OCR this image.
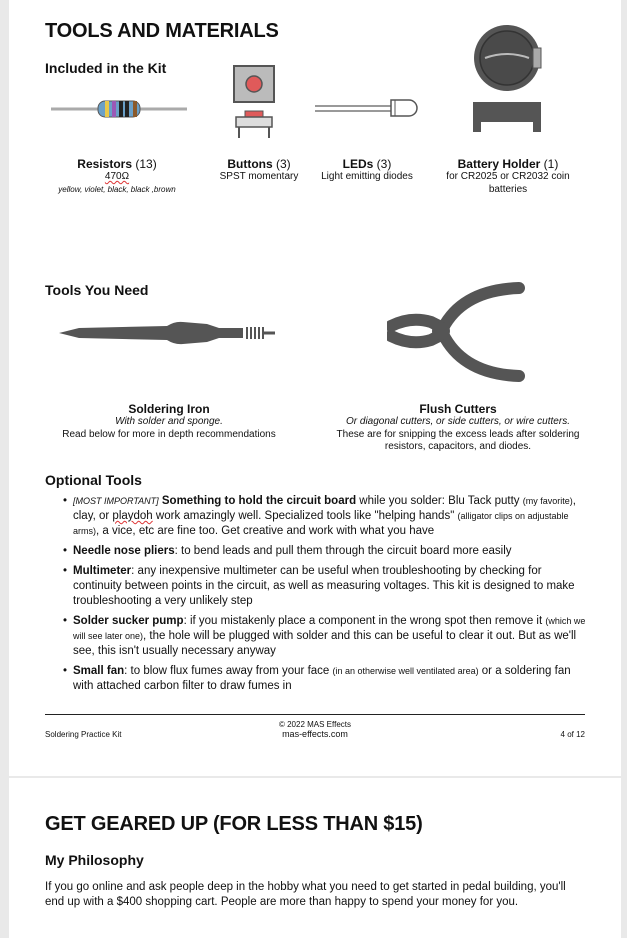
TOOLS AND MATERIALS
Included in the Kit
Resistors (13)
470Ω
yellow, violet, black, black ,brown
Buttons (3)
SPST momentary
LEDs (3)
Light emitting diodes
Battery Holder (1)
for CR2025 or CR2032 coin
batteries
Tools You Need
Soldering Iron
With solder and sponge.
Read below for more in depth recommendations
Flush Cutters
Or diagonal cutters, or side cutters, or wire cutters.
These are for snipping the excess leads after soldering
resistors, capacitors, and diodes.
Optional Tools
• [MOST IMPORTANT] Something to hold the circuit board while you solder: Blu Tack putty (my favorite), clay, or playdoh work amazingly well. Specialized tools like "helping hands" (alligator clips on adjustable arms), a vice, etc are fine too. Get creative and work with what you have
• Needle nose pliers: to bend leads and pull them through the circuit board more easily
• Multimeter: any inexpensive multimeter can be useful when troubleshooting by checking for continuity between points in the circuit, as well as measuring voltages. This kit is designed to make troubleshooting a very unlikely step
• Solder sucker pump: if you mistakenly place a component in the wrong spot then remove it (which we will see later one), the hole will be plugged with solder and this can be useful to clear it out. But as we'll see, this isn't usually necessary anyway
• Small fan: to blow flux fumes away from your face (in an otherwise well ventilated area) or a soldering fan with attached carbon filter to draw fumes in
Soldering Practice Kit
© 2022 MAS Effects
mas-effects.com	4 of 12
GET GEARED UP (FOR LESS THAN $15)
My Philosophy
If you go online and ask people deep in the hobby what you need to get started in pedal building, you'll
end up with a $400 shopping cart. People are more than happy to spend your money for you.
